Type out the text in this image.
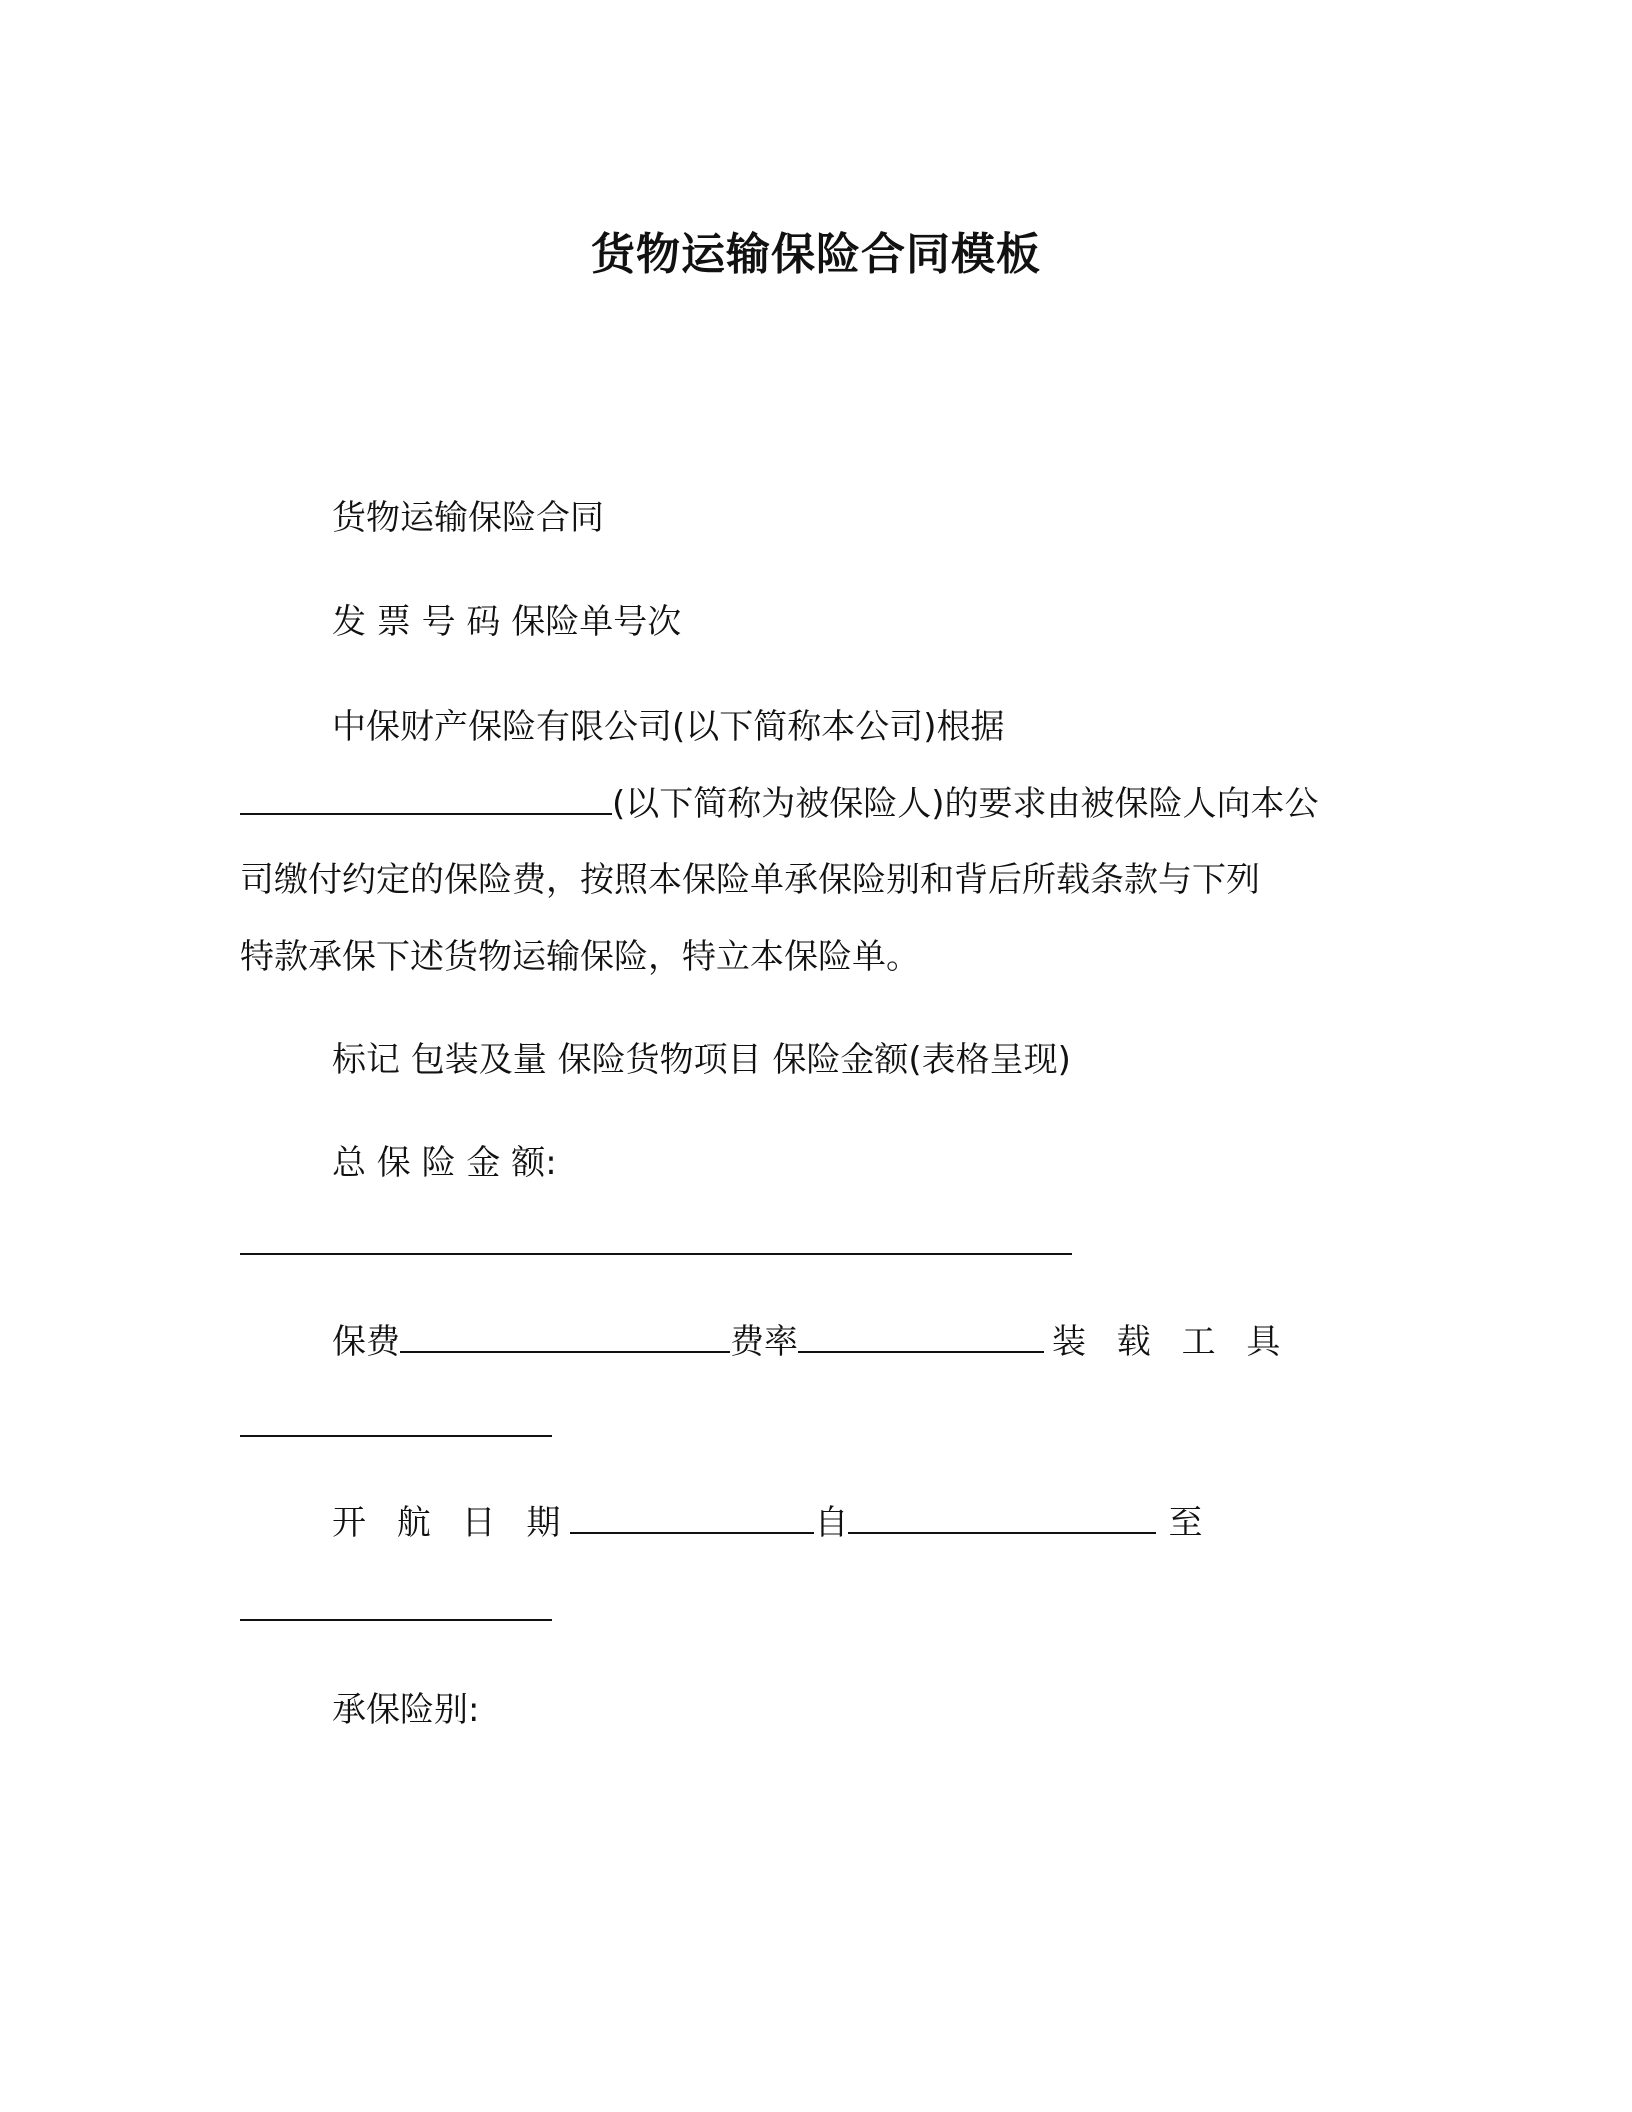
货物运输保险合同模板
货物运输保险合同
发 票 号 码 保险单号次
中保财产保险有限公司(以下简称本公司)根据
(以下简称为被保险人)的要求由被保险人向本公
司缴付约定的保险费，按照本保险单承保险别和背后所载条款与下列
特款承保下述货物运输保险，特立本保险单。
标记 包装及量 保险货物项目 保险金额(表格呈现)
总 保 险 金 额:
保费	费率	装 载 工 具
开 航 日 期	自	至
承保险别:
